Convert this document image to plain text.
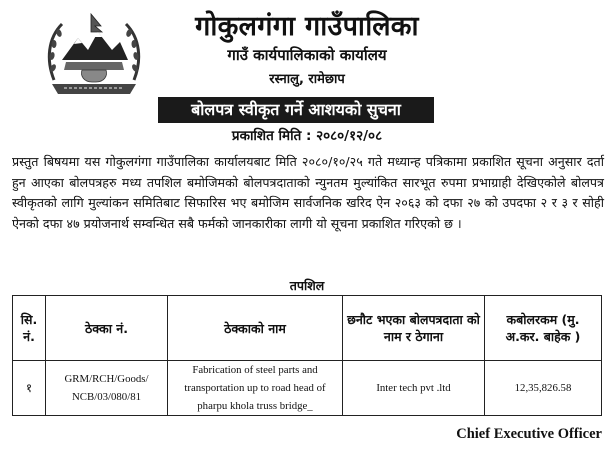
गोकुलगंगा गाउँपालिका
गाउँ कार्यपालिकाको कार्यालय
रस्नालु, रामेछाप
बोलपत्र स्वीकृत गर्ने आशयको सुचना
प्रकाशित मिति : २०८०/१२/०८
प्रस्तुत बिषयमा यस गोकुलगंगा गाउँपालिका कार्यालयबाट मिति २०८०/१०/२५ गते मध्यान्ह पत्रिकामा प्रकाशित सूचना अनुसार दर्ता हुन आएका बोलपत्रहरु मध्य तपशिल बमोजिमको बोलपत्रदाताको न्युनतम मुल्यांकित सारभूत रुपमा प्रभाग्राही देखिएकोले बोलपत्र स्वीकृतको लागि मुल्यांकन समितिबाट सिफारिस भए बमोजिम सार्वजनिक खरिद ऐन २०६३ को दफा २७ को उपदफा २ र ३ र सोही ऐनको दफा ४७ प्रयोजनार्थ सम्वन्धित सबै फर्मको जानकारीका लागी यो सूचना प्रकाशित गरिएको छ ।
तपशिल
सि. नं.	ठेक्का नं.	ठेक्काको नाम	छनौट भएका बोलपत्रदाता को नाम र ठेगाना	कबोलरकम (मु. अ.कर. बाहेक )
१	GRM/RCH/Goods/ NCB/03/080/81	Fabrication of steel parts and transportation up to road head of pharpu khola truss bridge_	Inter tech pvt .ltd	12,35,826.58
Chief Executive Officer
